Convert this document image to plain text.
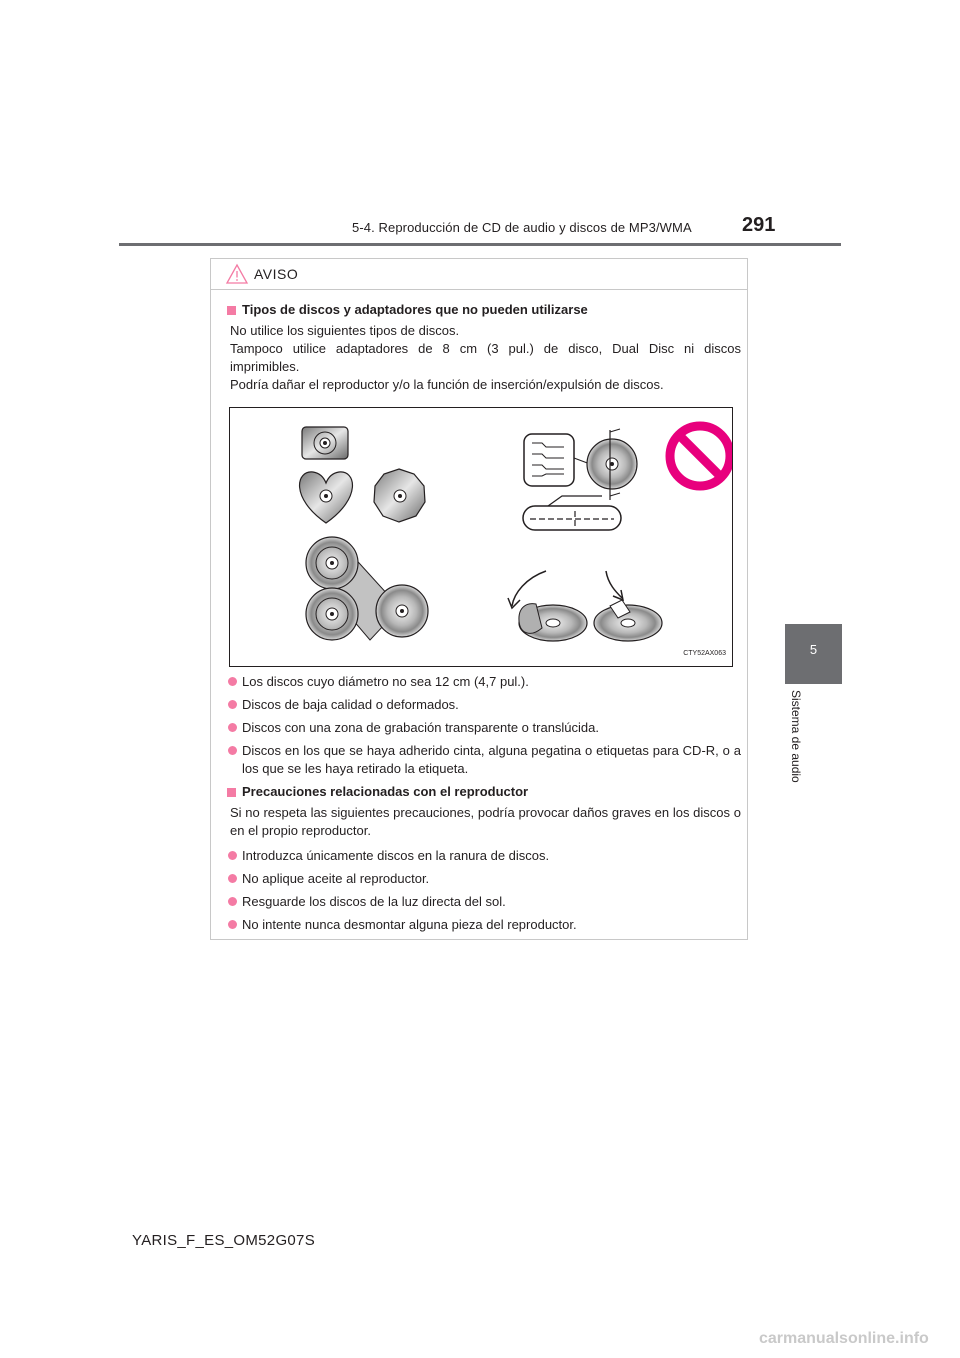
5-4. Reproducción de CD de audio y discos de MP3/WMA	291
5
Sistema de audio
AVISO
Tipos de discos y adaptadores que no pueden utilizarse
No utilice los siguientes tipos de discos.
Tampoco utilice adaptadores de 8 cm (3 pul.) de disco, Dual Disc ni discos
imprimibles.
Podría dañar el reproductor y/o la función de inserción/expulsión de discos.
CTY52AX063
Los discos cuyo diámetro no sea 12 cm (4,7 pul.).
Discos de baja calidad o deformados.
Discos con una zona de grabación transparente o translúcida.
Discos en los que se haya adherido cinta, alguna pegatina o etiquetas para CD-R, o a los que se les haya retirado la etiqueta.
Precauciones relacionadas con el reproductor
Si no respeta las siguientes precauciones, podría provocar daños graves en los discos o en el propio reproductor.
Introduzca únicamente discos en la ranura de discos.
No aplique aceite al reproductor.
Resguarde los discos de la luz directa del sol.
No intente nunca desmontar alguna pieza del reproductor.
YARIS_F_ES_OM52G07S
carmanualsonline.info
